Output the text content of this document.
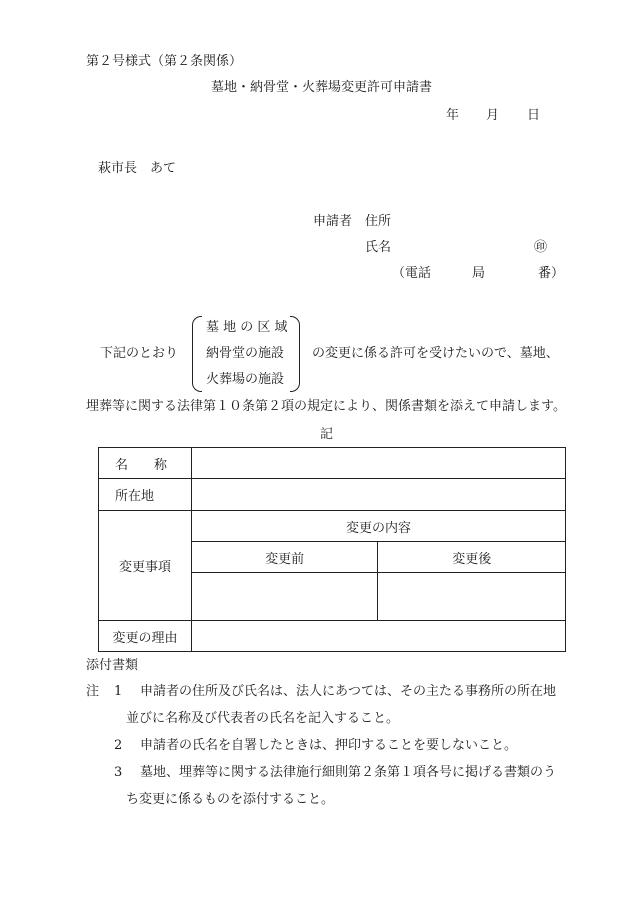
第２号様式（第２条関係）
墓地・納骨堂・火葬場変更許可申請書
年 月 日
萩市長　あて
申請者 住所
氏名	㊞
（電話	局	番）
下記のとおり
墓 地 の 区 域
納骨堂の施設
火葬場の施設
の変更に係る許可を受けたいので、墓地、
埋葬等に関する法律第１０条第２項の規定により、関係書類を添えて申請します。
記
名　　称		
所在地		
変更事項	変更の内容	
	変更前	変更後

変更の理由		
添付書類
注 1 申請者の住所及び氏名は、法人にあつては、その主たる事務所の所在地
並びに名称及び代表者の氏名を記入すること。
2 申請者の氏名を自署したときは、押印することを要しないこと。
3 墓地、埋葬等に関する法律施行細則第２条第１項各号に掲げる書類のう
ち変更に係るものを添付すること。
